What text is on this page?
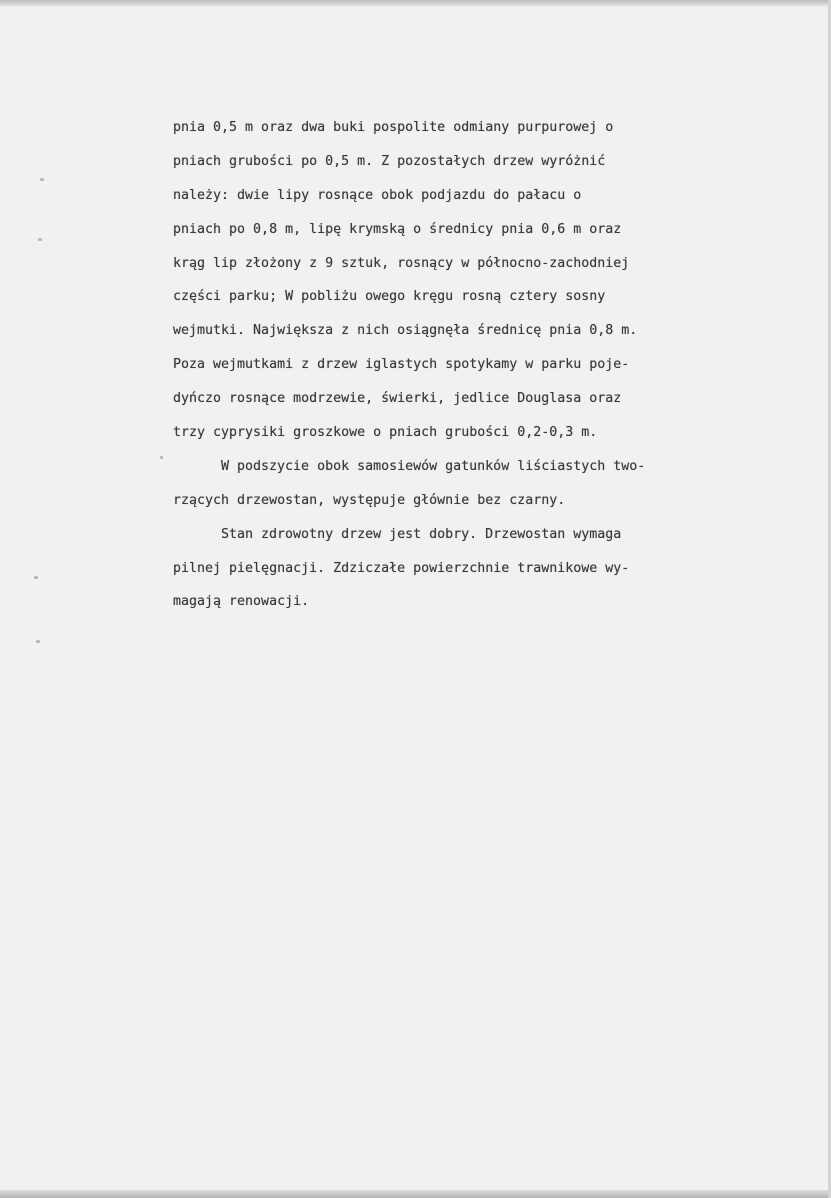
pnia 0,5 m oraz dwa buki pospolite odmiany purpurowej o
pniach grubości po 0,5 m. Z pozostałych drzew wyróżnić
należy: dwie lipy rosnące obok podjazdu do pałacu o
pniach po 0,8 m, lipę krymską o średnicy pnia 0,6 m oraz
krąg lip złożony z 9 sztuk, rosnący w północno-zachodniej
części parku; W pobliżu owego kręgu rosną cztery sosny
wejmutki. Największa z nich osiągnęła średnicę pnia 0,8 m.
Poza wejmutkami z drzew iglastych spotykamy w parku poje-
dyńczo rosnące modrzewie, świerki, jedlice Douglasa oraz
trzy cyprysiki groszkowe o pniach grubości 0,2-0,3 m.
W podszycie obok samosiewów gatunków liściastych two-
rzących drzewostan, występuje głównie bez czarny.
Stan zdrowotny drzew jest dobry. Drzewostan wymaga
pilnej pielęgnacji. Zdziczałe powierzchnie trawnikowe wy-
magają renowacji.
